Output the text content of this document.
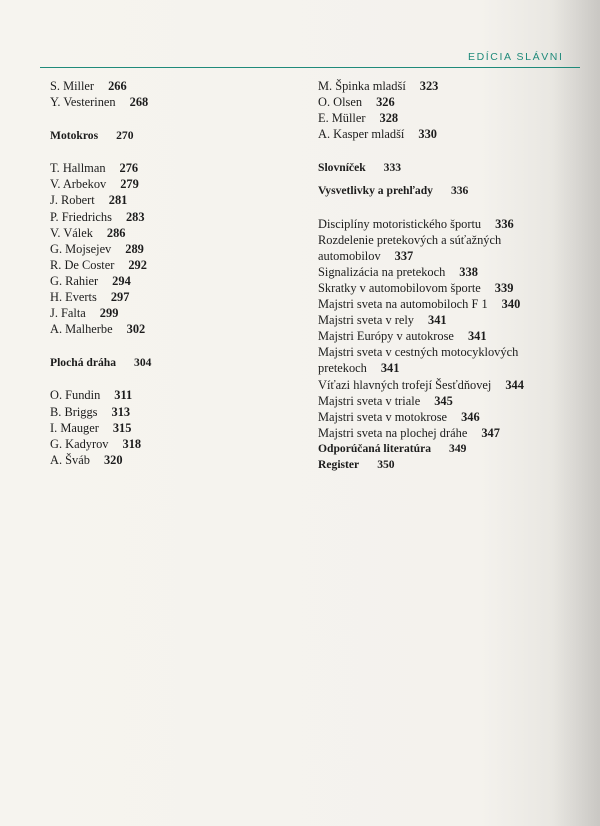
EDÍCIA SLÁVNI
S. Miller 266
Y. Vesterinen 268
Motokros 270
T. Hallman 276
V. Arbekov 279
J. Robert 281
P. Friedrichs 283
V. Válek 286
G. Mojsejev 289
R. De Coster 292
G. Rahier 294
H. Everts 297
J. Falta 299
A. Malherbe 302
Plochá dráha 304
O. Fundin 311
B. Briggs 313
I. Mauger 315
G. Kadyrov 318
A. Šváb 320
M. Špinka mladší 323
O. Olsen 326
E. Müller 328
A. Kasper mladší 330
Slovníček 333
Vysvetlivky a prehľady 336
Disciplíny motoristického športu 336
Rozdelenie pretekových a súťažných automobilov 337
Signalizácia na pretekoch 338
Skratky v automobilovom športe 339
Majstri sveta na automobiloch F 1 340
Majstri sveta v rely 341
Majstri Európy v autokrose 341
Majstri sveta v cestných motocyklových pretekoch 341
Víťazi hlavných trofejí Šesťdňovej 344
Majstri sveta v triale 345
Majstri sveta v motokrose 346
Majstri sveta na plochej dráhe 347
Odporúčaná literatúra 349
Register 350
